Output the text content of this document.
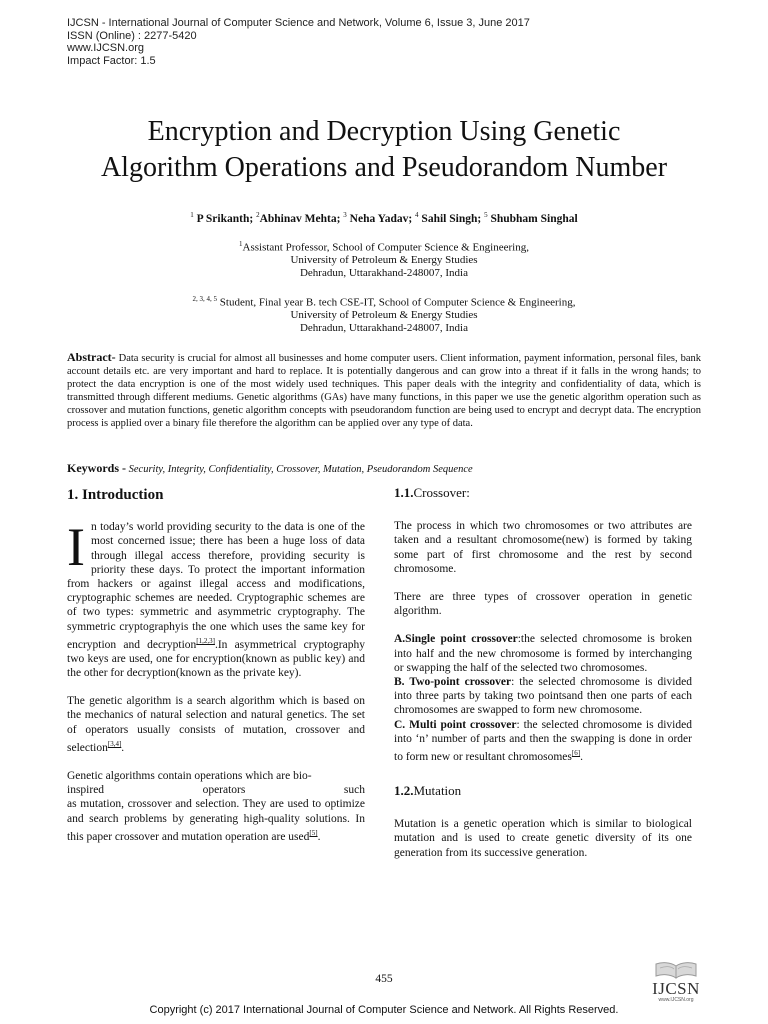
IJCSN - International Journal of Computer Science and Network, Volume 6, Issue 3, June 2017
ISSN (Online) : 2277-5420
www.IJCSN.org
Impact Factor: 1.5
Encryption and Decryption Using Genetic
Algorithm Operations and Pseudorandom Number
$^1$ P Srikanth; $^2$Abhinav Mehta; $^3$ Neha Yadav; $^4$ Sahil Singh; $^5$ Shubham Singhal
$^1$Assistant Professor, School of Computer Science & Engineering,
University of Petroleum & Energy Studies
Dehradun, Uttarakhand-248007, India
$^{2, 3, 4, 5}$ Student, Final year B. tech CSE-IT, School of Computer Science & Engineering,
University of Petroleum & Energy Studies
Dehradun, Uttarakhand-248007, India
Abstract- Data security is crucial for almost all businesses and home computer users. Client information, payment information, personal files, bank account details etc. are very important and hard to replace. It is potentially dangerous and can grow into a threat if it falls in the wrong hands; to protect the data encryption is one of the most widely used techniques. This paper deals with the integrity and confidentiality of data, which is transmitted through different mediums. Genetic algorithms (GAs) have many functions, in this paper we use the genetic algorithm operation such as crossover and mutation functions, genetic algorithm concepts with pseudorandom function are being used to encrypt and decrypt data. The encryption process is applied over a binary file therefore the algorithm can be applied over any type of data.
Keywords - Security, Integrity, Confidentiality, Crossover, Mutation, Pseudorandom Sequence
1. Introduction
In today’s world providing security to the data is one of the most concerned issue; there has been a huge loss of data through illegal access therefore, providing security is priority these days. To protect the important information from hackers or against illegal access and modifications, cryptographic schemes are needed. Cryptographic schemes are of two types: symmetric and asymmetric cryptography. The symmetric cryptographyis the one which uses the same key for encryption and decryption[1,2,3].In asymmetrical cryptography two keys are used, one for encryption(known as public key) and the other for decryption(known as the private key).
The genetic algorithm is a search algorithm which is based on the mechanics of natural selection and natural genetics. The set of operators usually consists of mutation, crossover and selection[3,4].
Genetic algorithms contain operations which are bio-
inspired	operators	such
as mutation, crossover and selection. They are used to optimize and search problems by generating high-quality solutions. In this paper crossover and mutation operation are used[5].
1.1.Crossover:
The process in which two chromosomes or two attributes are taken and a resultant chromosome(new) is formed by taking some part of first chromosome and the rest by second chromosome.
There are three types of crossover operation in genetic algorithm.
A.Single point crossover:the selected chromosome is broken into half and the new chromosome is formed by interchanging or swapping the half of the selected two chromosomes.
B. Two-point crossover: the selected chromosome is divided into three parts by taking two pointsand then one parts of each chromosomes are swapped to form new chromosome.
C. Multi point crossover: the selected chromosome is divided into ‘n’ number of parts and then the swapping is done in order to form new or resultant chromosomes[6].
1.2.Mutation
Mutation is a genetic operation which is similar to biological mutation and is used to create genetic diversity of its one generation from its successive generation.
455
Copyright (c) 2017 International Journal of Computer Science and Network. All Rights Reserved.
IJCSN
www.IJCSN.org
